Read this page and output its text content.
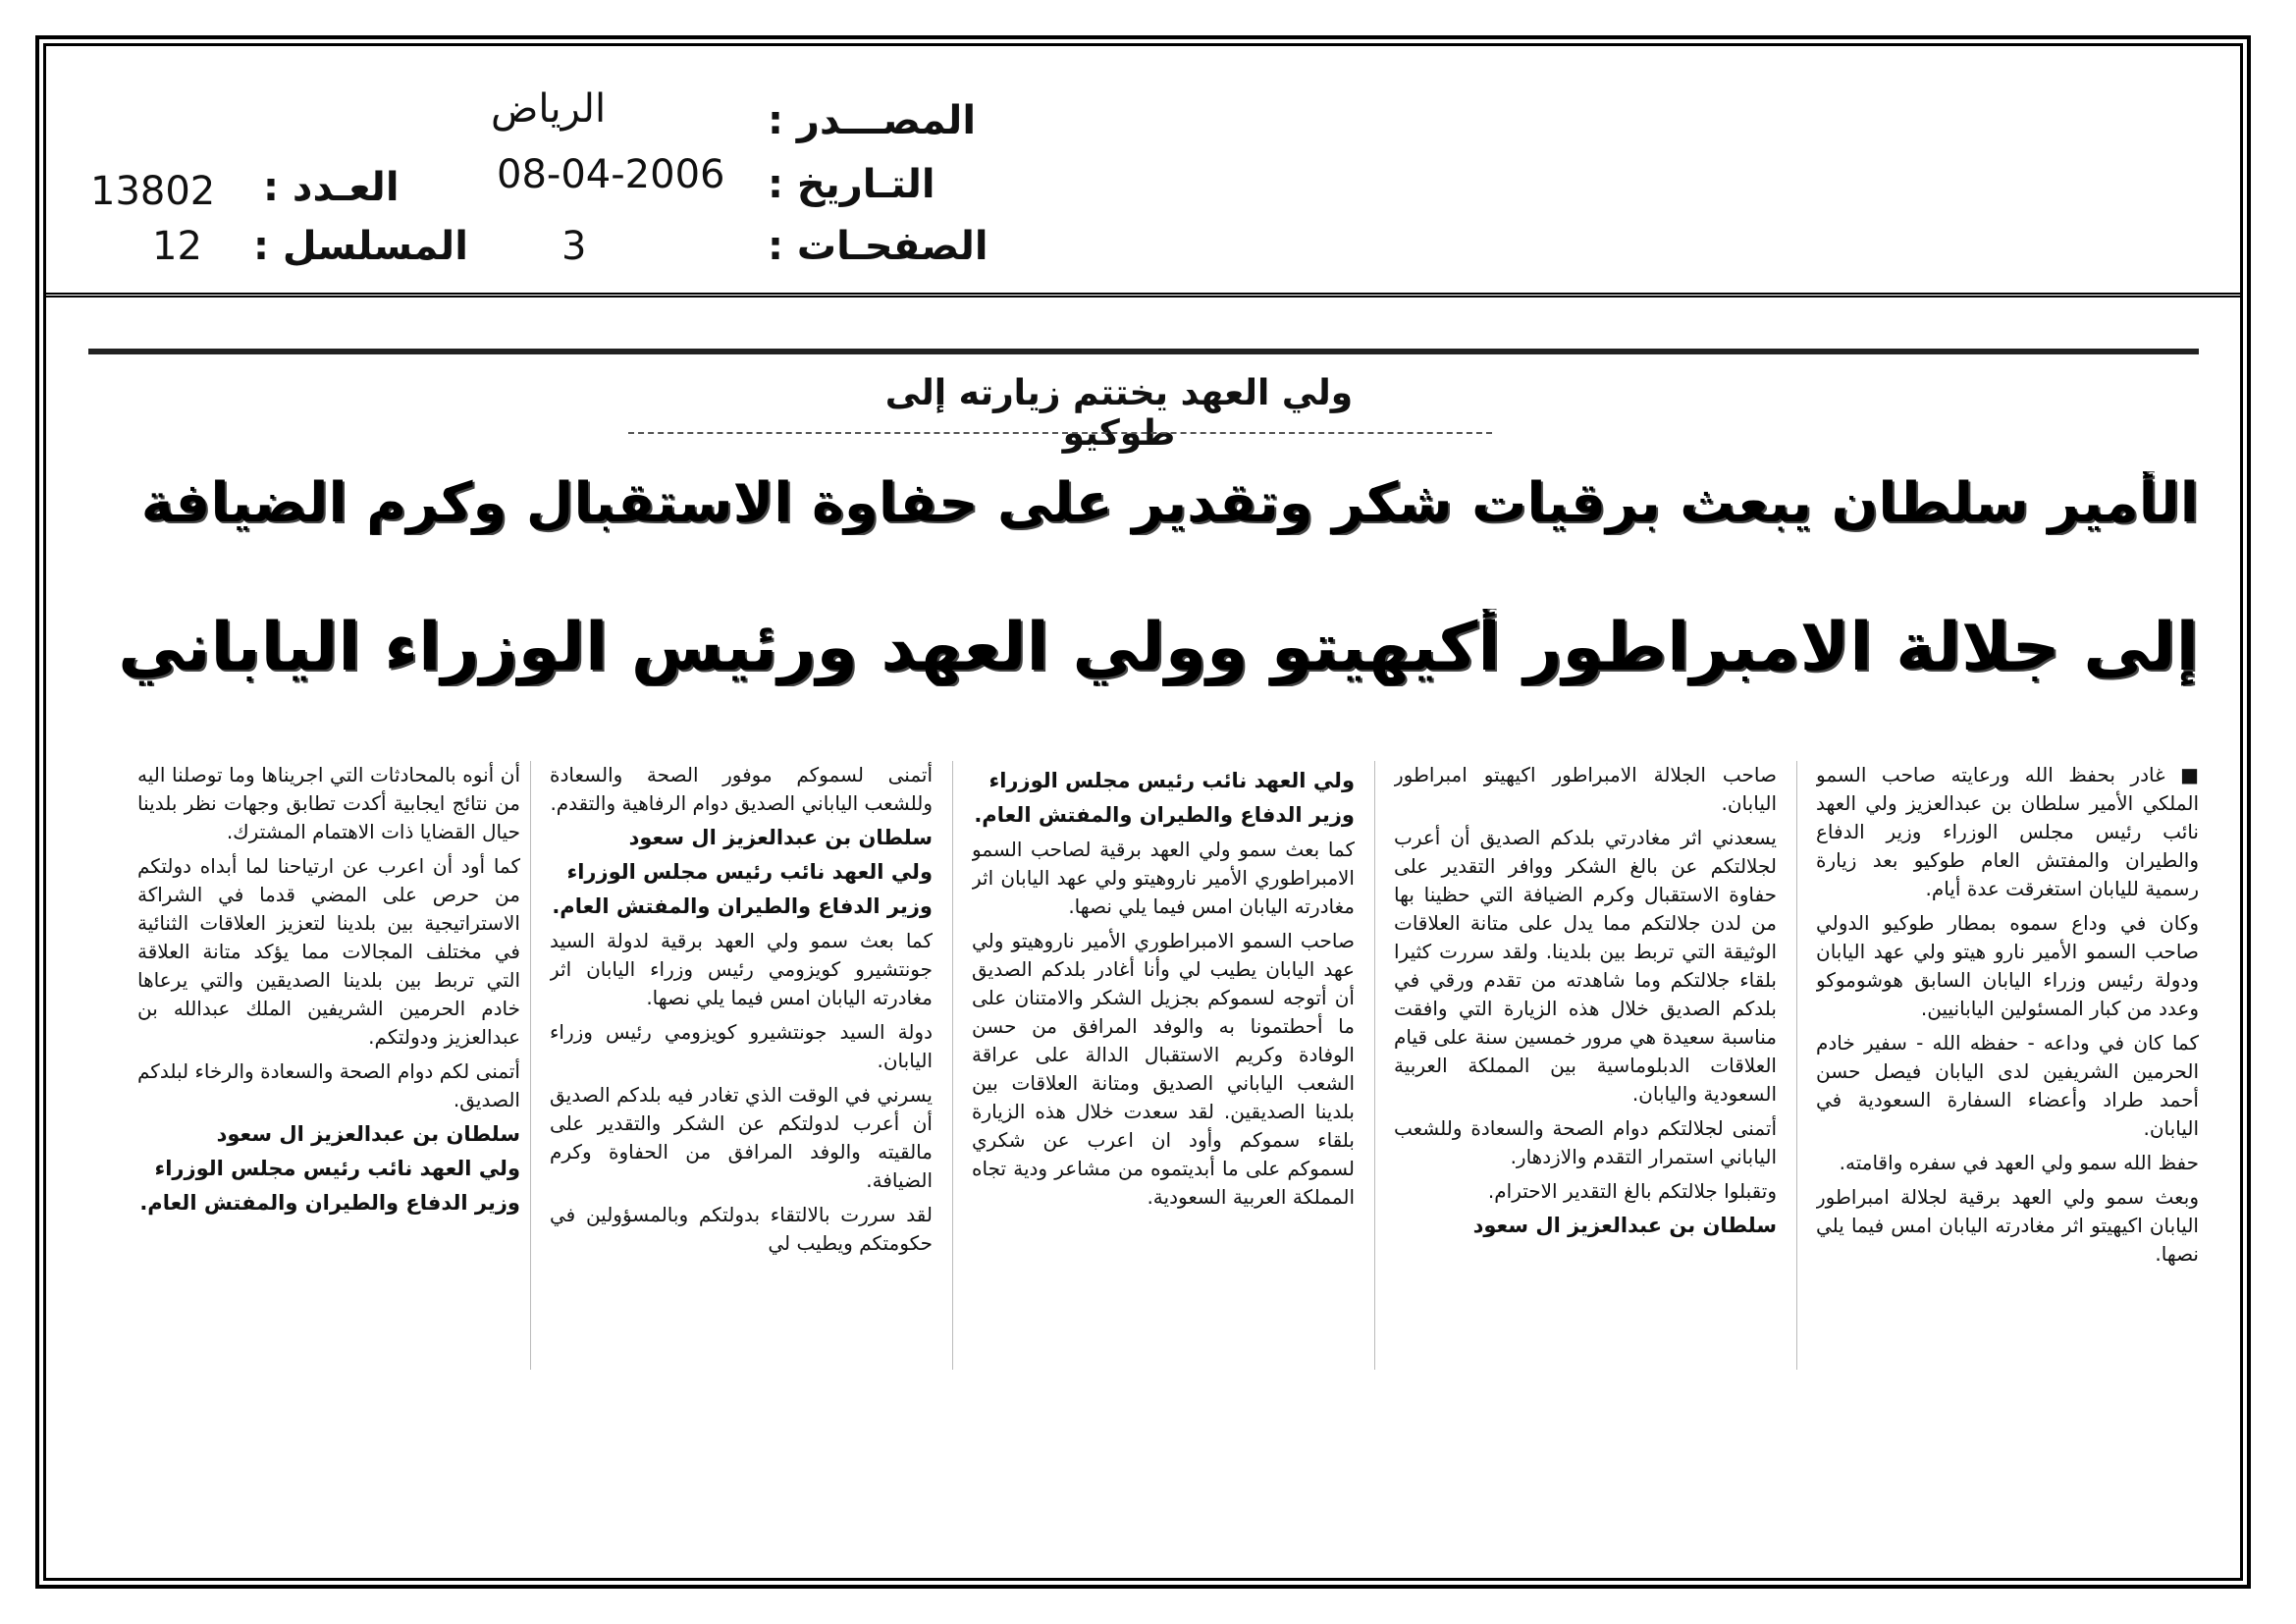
المصـــدر :
الرياض
التـاريخ :
08-04-2006
الصفحـات :
3
العـدد :
13802
المسلسل :
12
ولي العهد يختتم زيارته إلى طوكيو
الأمير سلطان يبعث برقيات شكر وتقدير على حفاوة الاستقبال وكرم الضيافة
إلى جلالة الامبراطور أكيهيتو وولي العهد ورئيس الوزراء الياباني

■ غادر بحفظ الله ورعايته صاحب السمو الملكي الأمير سلطان بن عبدالعزيز ولي العهد نائب رئيس مجلس الوزراء وزير الدفاع والطيران والمفتش العام طوكيو بعد زيارة رسمية لليابان استغرقت عدة أيام.

وكان في وداع سموه بمطار طوكيو الدولي صاحب السمو الأمير نارو هيتو ولي عهد اليابان ودولة رئيس وزراء اليابان السابق هوشوموكو وعدد من كبار المسئولين اليابانيين.

كما كان في وداعه - حفظه الله - سفير خادم الحرمين الشريفين لدى اليابان فيصل حسن أحمد طراد وأعضاء السفارة السعودية في اليابان.

حفظ الله سمو ولي العهد في سفره واقامته.

وبعث سمو ولي العهد برقية لجلالة امبراطور اليابان اكيهيتو اثر مغادرته اليابان امس فيما يلي نصها.

صاحب الجلالة الامبراطور اكيهيتو امبراطور اليابان.

يسعدني اثر مغادرتي بلدكم الصديق أن أعرب لجلالتكم عن بالغ الشكر ووافر التقدير على حفاوة الاستقبال وكرم الضيافة التي حظينا بها من لدن جلالتكم مما يدل على متانة العلاقات الوثيقة التي تربط بين بلدينا. ولقد سررت كثيرا بلقاء جلالتكم وما شاهدته من تقدم ورقي في بلدكم الصديق خلال هذه الزيارة التي وافقت مناسبة سعيدة هي مرور خمسين سنة على قيام العلاقات الدبلوماسية بين المملكة العربية السعودية واليابان.

أتمنى لجلالتكم دوام الصحة والسعادة وللشعب الياباني استمرار التقدم والازدهار.

وتقبلوا جلالتكم بالغ التقدير الاحترام.

سلطان بن عبدالعزيز ال سعود

ولي العهد نائب رئيس مجلس الوزراء

وزير الدفاع والطيران والمفتش العام.

كما بعث سمو ولي العهد برقية لصاحب السمو الامبراطوري الأمير ناروهيتو ولي عهد اليابان اثر مغادرته اليابان امس فيما يلي نصها.

صاحب السمو الامبراطوري الأمير ناروهيتو ولي عهد اليابان يطيب لي وأنا أغادر بلدكم الصديق أن أتوجه لسموكم بجزيل الشكر والامتنان على ما أحطتمونا به والوفد المرافق من حسن الوفادة وكريم الاستقبال الدالة على عراقة الشعب الياباني الصديق ومتانة العلاقات بين بلدينا الصديقين. لقد سعدت خلال هذه الزيارة بلقاء سموكم وأود ان اعرب عن شكري لسموكم على ما أبديتموه من مشاعر ودية تجاه المملكة العربية السعودية.

أتمنى لسموكم موفور الصحة والسعادة وللشعب الياباني الصديق دوام الرفاهية والتقدم.

سلطان بن عبدالعزيز ال سعود

ولي العهد نائب رئيس مجلس الوزراء

وزير الدفاع والطيران والمفتش العام.

كما بعث سمو ولي العهد برقية لدولة السيد جونتشيرو كويزومي رئيس وزراء اليابان اثر مغادرته اليابان امس فيما يلي نصها.

دولة السيد جونتشيرو كويزومي رئيس وزراء اليابان.

يسرني في الوقت الذي تغادر فيه بلدكم الصديق أن أعرب لدولتكم عن الشكر والتقدير على مالقيته والوفد المرافق من الحفاوة وكرم الضيافة.

لقد سررت بالالتقاء بدولتكم وبالمسؤولين في حكومتكم ويطيب لي

أن أنوه بالمحادثات التي اجريناها وما توصلنا اليه من نتائج ايجابية أكدت تطابق وجهات نظر بلدينا حيال القضايا ذات الاهتمام المشترك.

كما أود أن اعرب عن ارتياحنا لما أبداه دولتكم من حرص على المضي قدما في الشراكة الاستراتيجية بين بلدينا لتعزيز العلاقات الثنائية في مختلف المجالات مما يؤكد متانة العلاقة التي تربط بين بلدينا الصديقين والتي يرعاها خادم الحرمين الشريفين الملك عبدالله بن عبدالعزيز ودولتكم.

أتمنى لكم دوام الصحة والسعادة والرخاء لبلدكم الصديق.

سلطان بن عبدالعزيز ال سعود

ولي العهد نائب رئيس مجلس الوزراء

وزير الدفاع والطيران والمفتش العام.
